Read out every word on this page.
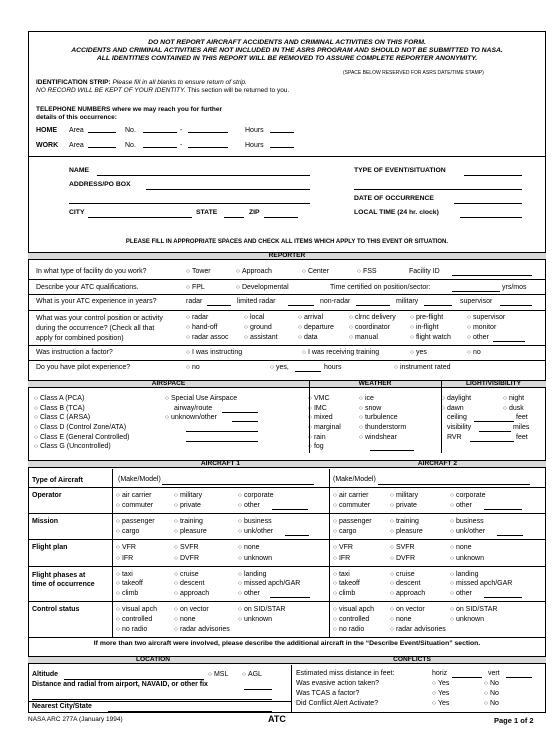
DO NOT REPORT AIRCRAFT ACCIDENTS AND CRIMINAL ACTIVITIES ON THIS FORM.
ACCIDENTS AND CRIMINAL ACTIVITIES ARE NOT INCLUDED IN THE ASRS PROGRAM AND SHOULD NOT BE SUBMITTED TO NASA.
ALL IDENTITIES CONTAINED IN THIS REPORT WILL BE REMOVED TO ASSURE COMPLETE REPORTER ANONYMITY.
(SPACE BELOW RESERVED FOR ASRS DATE/TIME STAMP)
IDENTIFICATION STRIP: Please fill in all blanks to ensure return of strip.
NO RECORD WILL BE KEPT OF YOUR IDENTITY. This section will be returned to you.
TELEPHONE NUMBERS where we may reach you for further
details of this occurrence:
HOME Area	No.	-	Hours
WORK Area	No.	-	Hours
NAME
ADDRESS/PO BOX
CITY	STATE	ZIP
TYPE OF EVENT/SITUATION
DATE OF OCCURRENCE
LOCAL TIME (24 hr. clock)
PLEASE FILL IN APPROPRIATE SPACES AND CHECK ALL ITEMS WHICH APPLY TO THIS EVENT OR SITUATION.
REPORTER
In what type of facility do you work?	○ Tower	○ Approach	○ Center	○ FSS	Facility ID
Describe your ATC qualifications.	○ FPL	○ Developmental	Time certified on position/sector:	yrs/mos
What is your ATC experience in years?	radar	limited radar	non-radar	military	supervisor
What was your control position or activity
during the occurrence? (Check all that
apply for combined position)
○ radar	○ local	○ arrival	○ clrnc delivery	○ pre-flight	○ supervisor
○ hand-off	○ ground	○ departure	○ coordinator	○ in-flight	○ monitor
○ radar assoc	○ assistant	○ data	○ manual	○ flight watch	○ other
Was instruction a factor?	○ I was instructing	○ I was receiving training	○ yes	○ no
Do you have pilot experience?	○ no	○ yes,	hours	○ instrument rated
AIRSPACE	WEATHER	LIGHT/VISIBILITY
○ Class A (PCA)
○ Class B (TCA)
○ Class C (ARSA)
○ Class D (Control Zone/ATA)
○ Class E (General Controlled)
○ Class G (Uncontrolled)
○ Special Use Airspace
airway/route
○ unknown/other
○ VMC
○ IMC
○ mixed
○ marginal
○ rain
○ fog
○ ice
○ snow
○ turbulence
○ thunderstorm
○ windshear
○ daylight	○ night
○ dawn	○ dusk
ceiling	feet
visibility	miles
RVR	feet
AIRCRAFT 1	AIRCRAFT 2
Type of Aircraft	(Make/Model)	(Make/Model)
Operator	○ air carrier	○ military	○ corporate
○ commuter	○ private	○ other
○ air carrier	○ military	○ corporate
○ commuter	○ private	○ other
Mission	○ passenger	○ training	○ business
○ cargo	○ pleasure	○ unk/other
○ passenger	○ training	○ business
○ cargo	○ pleasure	○ unk/other
Flight plan	○ VFR	○ SVFR	○ none
○ IFR	○ DVFR	○ unknown
○ VFR	○ SVFR	○ none
○ IFR	○ DVFR	○ unknown
Flight phases at
time of occurrence
○ taxi	○ cruise	○ landing
○ takeoff	○ descent	○ missed apch/GAR
○ climb	○ approach	○ other
○ taxi	○ cruise	○ landing
○ takeoff	○ descent	○ missed apch/GAR
○ climb	○ approach	○ other
Control status	○ visual apch	○ on vector	○ on SID/STAR
○ controlled	○ none	○ unknown
○ no radio	○ radar advisories
○ visual apch	○ on vector	○ on SID/STAR
○ controlled	○ none	○ unknown
○ no radio	○ radar advisories
If more than two aircraft were involved, please describe the additional aircraft in the “Describe Event/Situation” section.
LOCATION	CONFLICTS
Altitude	○ MSL	○ AGL
Distance and radial from airport, NAVAID, or other fix
Nearest City/State
Estimated miss distance in feet:	horiz	vert
Was evasive action taken?	○ Yes	○ No
Was TCAS a factor?	○ Yes	○ No
Did Conflict Alert Activate?	○ Yes	○ No
NASA ARC 277A (January 1994)	ATC	Page 1 of 2
